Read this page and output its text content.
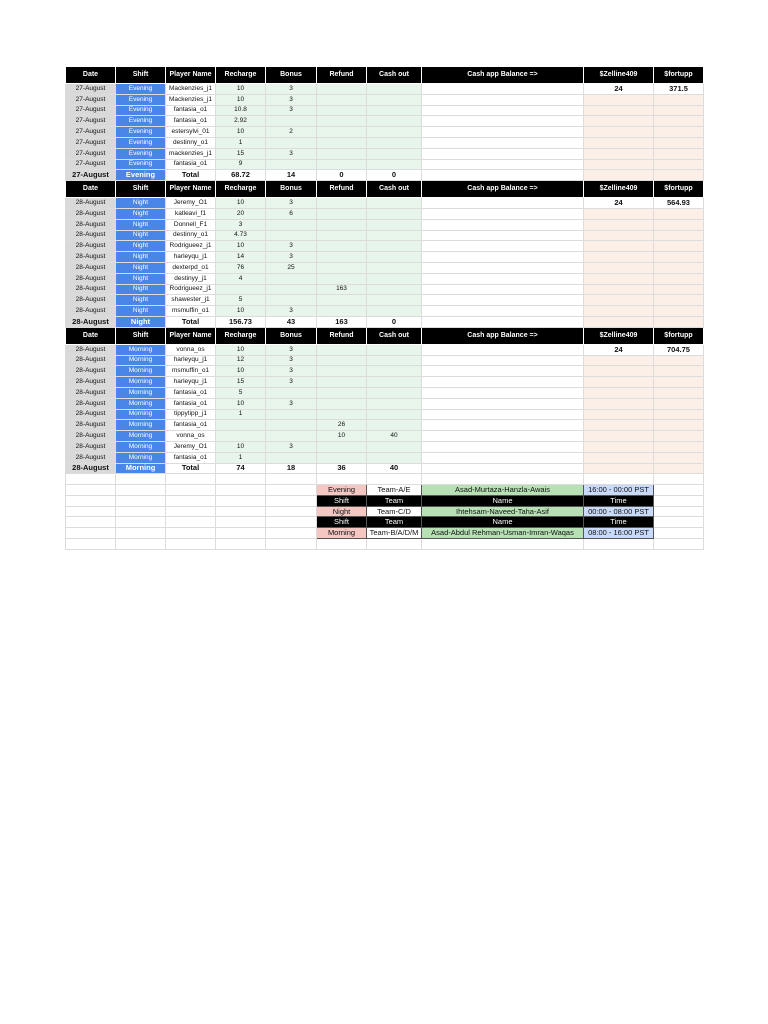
Date	Shift	Player Name	Recharge	Bonus	Refund	Cash out	Cash app Balance =>	$Zelline409	$fortupp
27-August	Evening	Mackenzies_j1	10	3				24	371.5
27-August	Evening	Mackenzies_j1	10	3					
27-August	Evening	fantasia_o1	10.8	3					
27-August	Evening	fantasia_o1	2.92						
27-August	Evening	estersylvi_01	10	2					
27-August	Evening	destinny_o1	1						
27-August	Evening	mackenzies_j1	15	3					
27-August	Evening	fantasia_o1	9						
27-August	Evening	Total	68.72	14	0	0			
Date	Shift	Player Name	Recharge	Bonus	Refund	Cash out	Cash app Balance =>	$Zelline409	$fortupp
28-August	Night	Jeremy_O1	10	3				24	564.93
28-August	Night	katleavi_f1	20	6					
28-August	Night	Donnell_F1	3						
28-August	Night	destinny_o1	4.73						
28-August	Night	Rodrigueez_j1	10	3					
28-August	Night	harleyqu_j1	14	3					
28-August	Night	dexterpd_o1	76	25					
28-August	Night	destinyy_j1	4						
28-August	Night	Rodrigueez_j1			163				
28-August	Night	shawester_j1	5						
28-August	Night	msmuffin_o1	10	3					
28-August	Night	Total	156.73	43	163	0			
Date	Shift	Player Name	Recharge	Bonus	Refund	Cash out	Cash app Balance =>	$Zelline409	$fortupp
28-August	Morning	vonna_os	10	3				24	704.75
28-August	Morning	harleyqu_j1	12	3					
28-August	Morning	msmuffin_o1	10	3					
28-August	Morning	harleyqu_j1	15	3					
28-August	Morning	fantasia_o1	5						
28-August	Morning	fantasia_o1	10	3					
28-August	Morning	tippytipp_j1	1						
28-August	Morning	fantasia_o1			26				
28-August	Morning	vonna_os			10	40			
28-August	Morning	Jeremy_O1	10	3					
28-August	Morning	fantasia_o1	1						
28-August	Morning	Total	74	18	36	40			

					Evening	Team-A/E	Asad-Murtaza-Hanzla-Awais	16:00 - 00:00 PST	
					Shift	Team	Name	Time	
					Night	Team-C/D	Ihtehsam-Naveed-Taha-Asif	00:00 - 08:00 PST	
					Shift	Team	Name	Time	
					Morning	Team-B/A/D/M	Asad-Abdul Rehman-Usman-Imran-Waqas	08:00 - 16:00 PST	
